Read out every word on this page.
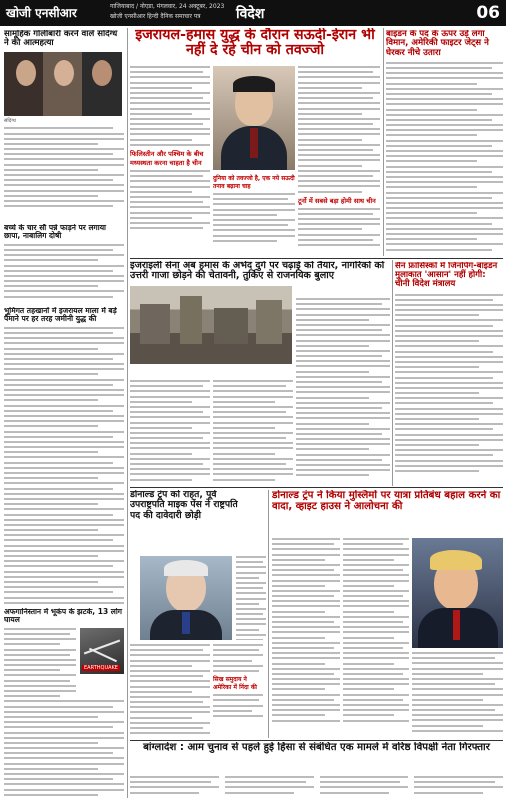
खोजी एनसीआर	गाजियाबाद / नोएडा, मंगलवार, 24 अक्टूबर, 2023
खोजी एनसीआर हिन्दी दैनिक समाचार पत्र	विदेश	06
सामूहिक गोलीबारी करने वाले संदिग्ध ने की आत्महत्या
संदिग्ध
बच्चे के चार सौ पन्ने फाड़ने पर लगाया छापा, नाबालिग दोषी
भूमिगत तहखानों में इजरायल माला में बड़े पैमाने पर हर तरह जमीनी युद्ध की
अफगानिस्तान में भूकंप के झटके, 13 लोग घायल
EARTHQUAKE
इजरायल-हमास युद्ध के दौरान सऊदी-ईरान भी नहीं दे रहे चीन को तवज्जो
फिलिस्तीन और पश्चिम के बीच मध्यस्थता करना चाहता है चीन
दुनिया को तवज्जो है, एक नये सऊदी तनाव बढ़ाना चाह
टूर्नो में सबसे बड़ा होमी साथ चीन
बाइडन के पद के ऊपर उड़े लगा विमान, अमेरिकी फाइटर जेट्स ने घेरकर नीचे उतारा
इजराइली सेना अब हमास के अभेद दुर्ग पर चढ़ाई को तैयार, नागरिकों को उत्तरी गाजा छोड़ने की चेतावनी, तुर्किए से राजनयिक बुलाए
सैन फ्रांसिस्को में जिनपिंग-बाइडन मुलाकात 'आसान' नहीं होगी: चीनी विदेश मंत्रालय
डोनाल्ड ट्रंप को राहत, पूर्व उपराष्ट्रपति माइक पेंस ने राष्ट्रपति पद की दावेदारी छोड़ी
सिख समुदाय ने अमेरिका में निंदा की
डोनाल्ड ट्रंप ने किया मुस्लिमों पर यात्रा प्रतिबंध बहाल करने का वादा, व्हाइट हाउस ने आलोचना की
बांग्लादेश : आम चुनाव से पहले हुई हिंसा से संबंधित एक मामले में वरिष्ठ विपक्षी नेता गिरफ्तार
